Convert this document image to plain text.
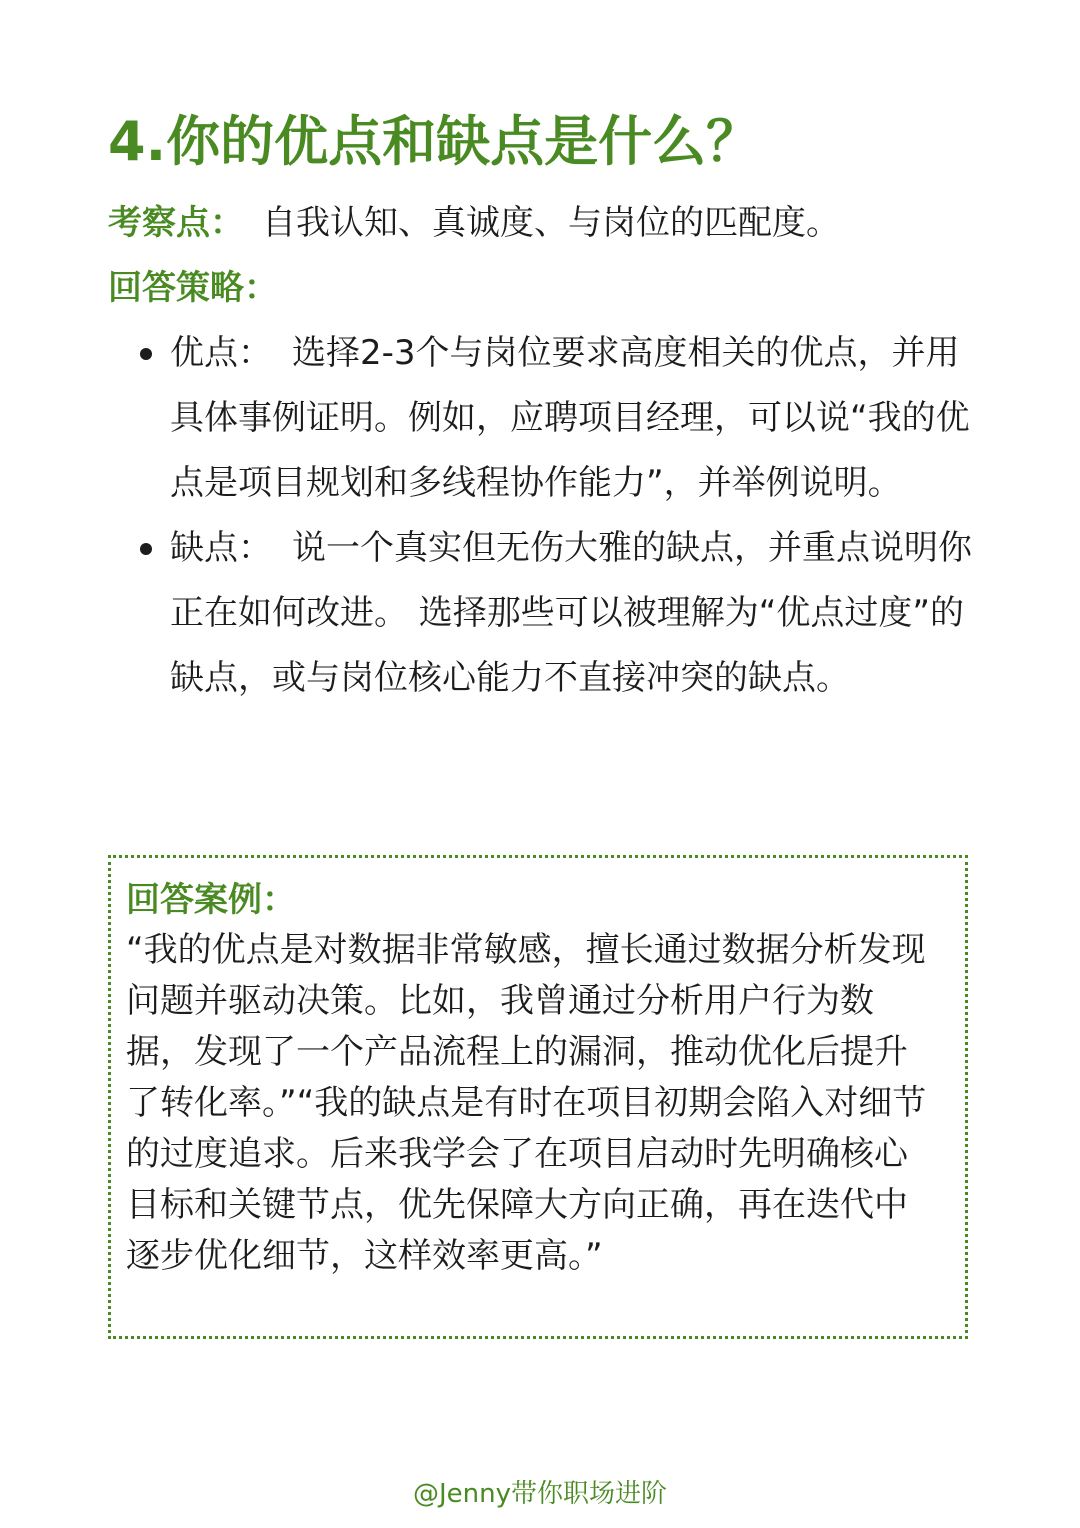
4.你的优点和缺点是什么？
考察点： 自我认知、真诚度、与岗位的匹配度。
回答策略：
优点： 选择2-3个与岗位要求高度相关的优点，并用具体事例证明。例如，应聘项目经理，可以说“我的优点是项目规划和多线程协作能力”，并举例说明。
缺点： 说一个真实但无伤大雅的缺点，并重点说明你正在如何改进。 选择那些可以被理解为“优点过度”的缺点，或与岗位核心能力不直接冲突的缺点。
回答案例：
“我的优点是对数据非常敏感，擅长通过数据分析发现问题并驱动决策。比如，我曾通过分析用户行为数据，发现了一个产品流程上的漏洞，推动优化后提升了转化率。”“我的缺点是有时在项目初期会陷入对细节的过度追求。后来我学会了在项目启动时先明确核心目标和关键节点，优先保障大方向正确，再在迭代中逐步优化细节，这样效率更高。”
@Jenny带你职场进阶
